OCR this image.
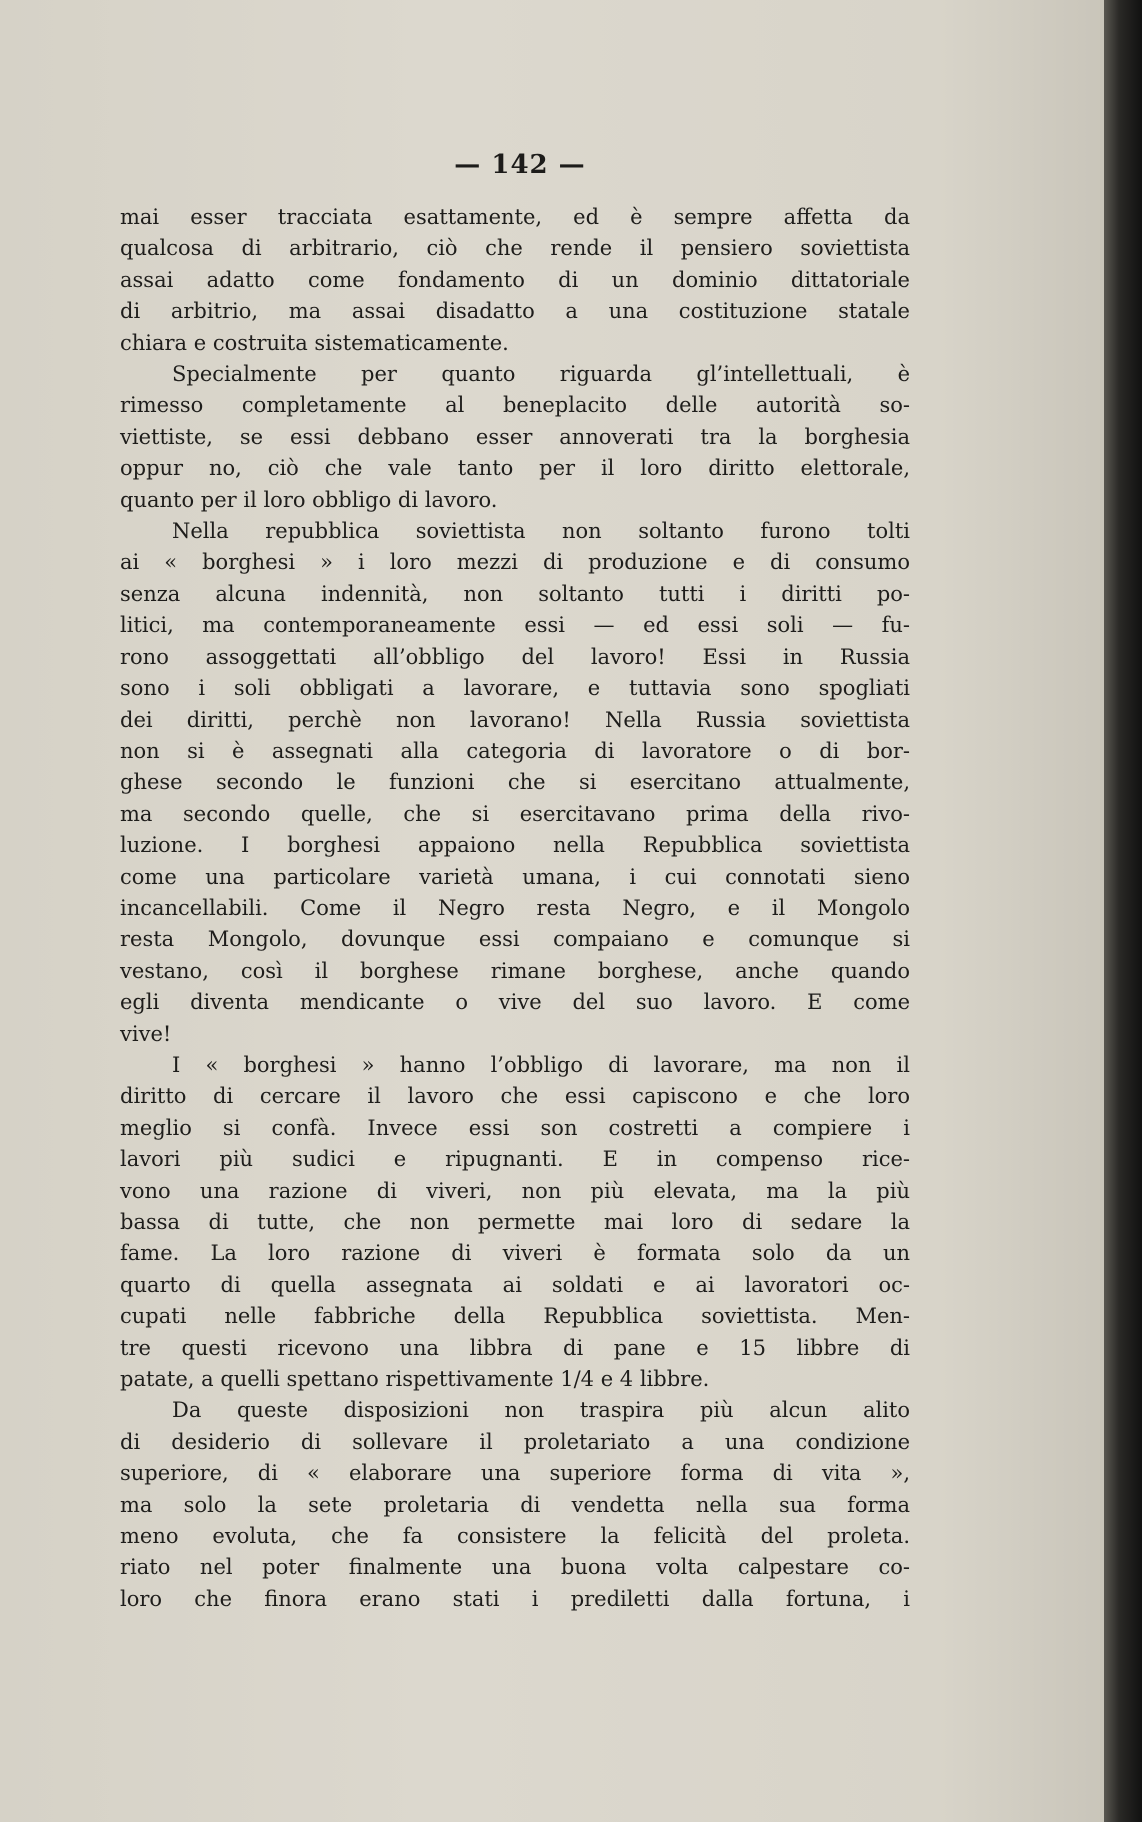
— 142 —
mai esser tracciata esattamente, ed è sempre affetta da
qualcosa di arbitrario, ciò che rende il pensiero soviettista
assai adatto come fondamento di un dominio dittatoriale
di arbitrio, ma assai disadatto a una costituzione statale
chiara e costruita sistematicamente.
Specialmente per quanto riguarda gl’intellettuali, è
rimesso completamente al beneplacito delle autorità so-
viettiste, se essi debbano esser annoverati tra la borghesia
oppur no, ciò che vale tanto per il loro diritto elettorale,
quanto per il loro obbligo di lavoro.
Nella repubblica soviettista non soltanto furono tolti
ai « borghesi » i loro mezzi di produzione e di consumo
senza alcuna indennità, non soltanto tutti i diritti po-
litici, ma contemporaneamente essi — ed essi soli — fu-
rono assoggettati all’obbligo del lavoro! Essi in Russia
sono i soli obbligati a lavorare, e tuttavia sono spogliati
dei diritti, perchè non lavorano! Nella Russia soviettista
non si è assegnati alla categoria di lavoratore o di bor-
ghese secondo le funzioni che si esercitano attualmente,
ma secondo quelle, che si esercitavano prima della rivo-
luzione. I borghesi appaiono nella Repubblica soviettista
come una particolare varietà umana, i cui connotati sieno
incancellabili. Come il Negro resta Negro, e il Mongolo
resta Mongolo, dovunque essi compaiano e comunque si
vestano, così il borghese rimane borghese, anche quando
egli diventa mendicante o vive del suo lavoro. E come
vive!
I « borghesi » hanno l’obbligo di lavorare, ma non il
diritto di cercare il lavoro che essi capiscono e che loro
meglio si confà. Invece essi son costretti a compiere i
lavori più sudici e ripugnanti. E in compenso rice-
vono una razione di viveri, non più elevata, ma la più
bassa di tutte, che non permette mai loro di sedare la
fame. La loro razione di viveri è formata solo da un
quarto di quella assegnata ai soldati e ai lavoratori oc-
cupati nelle fabbriche della Repubblica soviettista. Men-
tre questi ricevono una libbra di pane e 15 libbre di
patate, a quelli spettano rispettivamente 1/4 e 4 libbre.
Da queste disposizioni non traspira più alcun alito
di desiderio di sollevare il proletariato a una condizione
superiore, di « elaborare una superiore forma di vita »,
ma solo la sete proletaria di vendetta nella sua forma
meno evoluta, che fa consistere la felicità del proleta.
riato nel poter finalmente una buona volta calpestare co-
loro che finora erano stati i prediletti dalla fortuna, i
